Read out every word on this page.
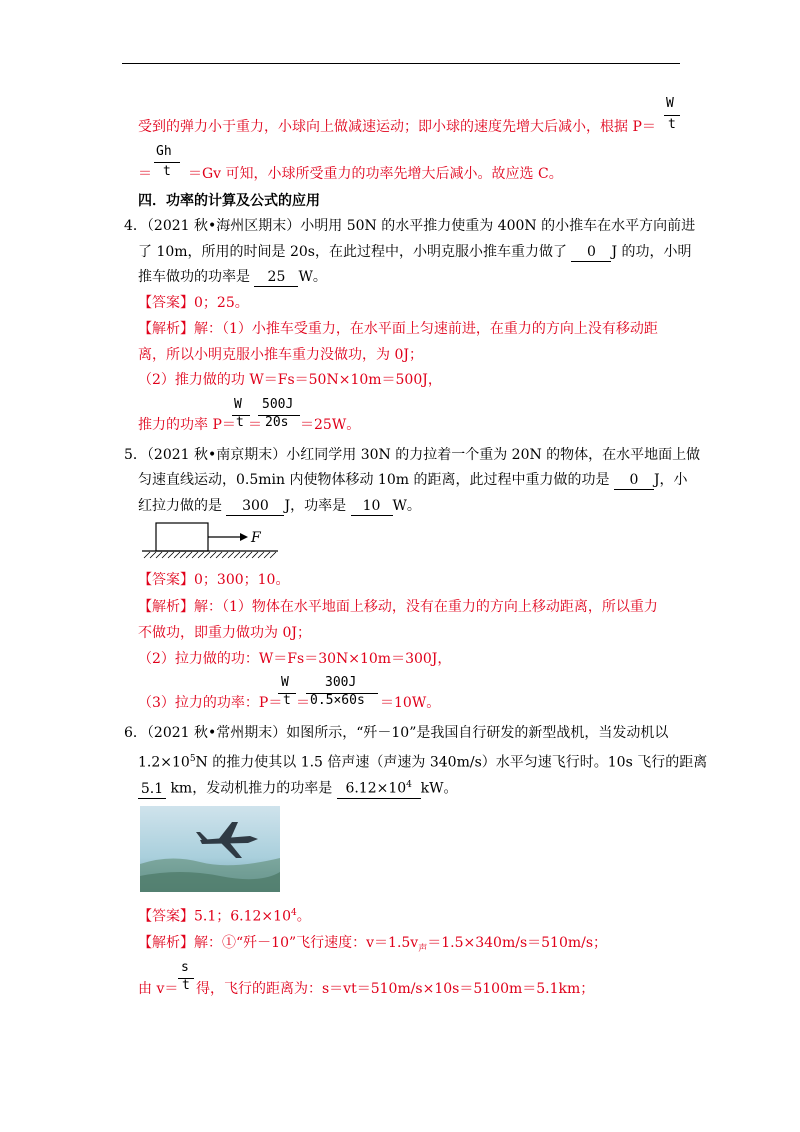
W
受到的弹力小于重力，小球向上做减速运动；即小球的速度先增大后减小，根据 P＝ t
Gh
＝	＝Gv 可知，小球所受重力的功率先增大后减小。故应选 C。
t
四．功率的计算及公式的应用
4．（2021 秋•海州区期末）小明用 50N 的水平推力使重为 400N 的小推车在水平方向前进
了 10m，所用的时间是 20s，在此过程中，小明克服小推车重力做了 0 J 的功，小明
推车做功的功率是 25 W。
【答案】0；25。
【解析】解：（1）小推车受重力，在水平面上匀速前进，在重力的方向上没有移动距
离，所以小明克服小推车重力没做功，为 0J；
（2）推力做的功 W＝Fs＝50N×10m＝500J，
W
t
500J
20s
推力的功率 P＝ ＝	＝25W。
5．（2021 秋•南京期末）小红同学用 30N 的力拉着一个重为 20N 的物体，在水平地面上做
匀速直线运动，0.5min 内使物体移动 10m 的距离，此过程中重力做的功是 0 J，小
红拉力做的是 300 J，功率是 10 W。
F
【答案】0；300；10。
【解析】解：（1）物体在水平地面上移动，没有在重力的方向上移动距离，所以重力
不做功，即重力做功为 0J；
（2）拉力做的功：W＝Fs＝30N×10m＝300J，
W
t
300J
0.5×60s
（3）拉力的功率：P＝ ＝	＝10W。
6．（2021 秋•常州期末）如图所示，“歼－10”是我国自行研发的新型战机，当发动机以
$1.2\times 10^5N$ 的推力使其以 1.5 倍声速（声速为 340m/s）水平匀速飞行时。10s 飞行的距离
5.1 km，发动机推力的功率是 $6.12\times 10^4$ kW。
【答案】5.1；$6.12\times 10^4$。
【解析】解：①“歼－10”飞行速度：$v=1.5v_声=1.5\times 340m/s=510m/s$；
s
t
由 v＝ 得，飞行的距离为：s＝vt＝510m/s×10s＝5100m＝5.1km；
